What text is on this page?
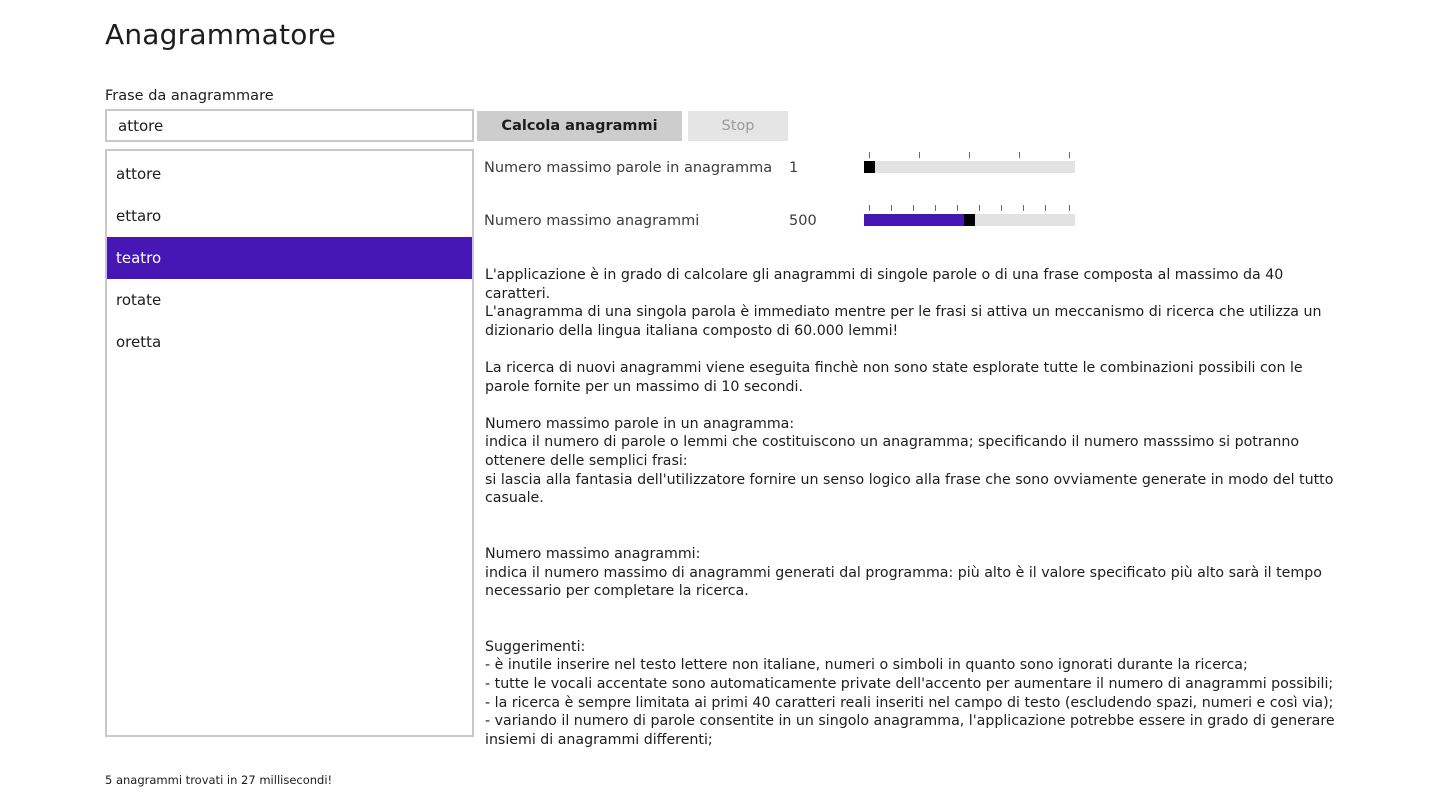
Anagrammatore
Frase da anagrammare
attore
Calcola anagrammi	Stop
attore
ettaro
teatro
rotate
oretta
Numero massimo parole in anagramma 1
Numero massimo anagrammi	500

L'applicazione è in grado di calcolare gli anagrammi di singole parole o di una frase composta al massimo da 40 caratteri.

L'anagramma di una singola parola è immediato mentre per le frasi si attiva un meccanismo di ricerca che utilizza un dizionario della lingua italiana composto di 60.000 lemmi!

La ricerca di nuovi anagrammi viene eseguita finchè non sono state esplorate tutte le combinazioni possibili con le parole fornite per un massimo di 10 secondi.

Numero massimo parole in un anagramma:

indica il numero di parole o lemmi che costituiscono un anagramma; specificando il numero masssimo si potranno ottenere delle semplici frasi:

si lascia alla fantasia dell'utilizzatore fornire un senso logico alla frase che sono ovviamente generate in modo del tutto casuale.

Numero massimo anagrammi:

indica il numero massimo di anagrammi generati dal programma: più alto è il valore specificato più alto sarà il tempo necessario per completare la ricerca.

Suggerimenti:

- è inutile inserire nel testo lettere non italiane, numeri o simboli in quanto sono ignorati durante la ricerca;

- tutte le vocali accentate sono automaticamente private dell'accento per aumentare il numero di anagrammi possibili;

- la ricerca è sempre limitata ai primi 40 caratteri reali inseriti nel campo di testo (escludendo spazi, numeri e così via);

- variando il numero di parole consentite in un singolo anagramma, l'applicazione potrebbe essere in grado di generare insiemi di anagrammi differenti;

5 anagrammi trovati in 27 millisecondi!
